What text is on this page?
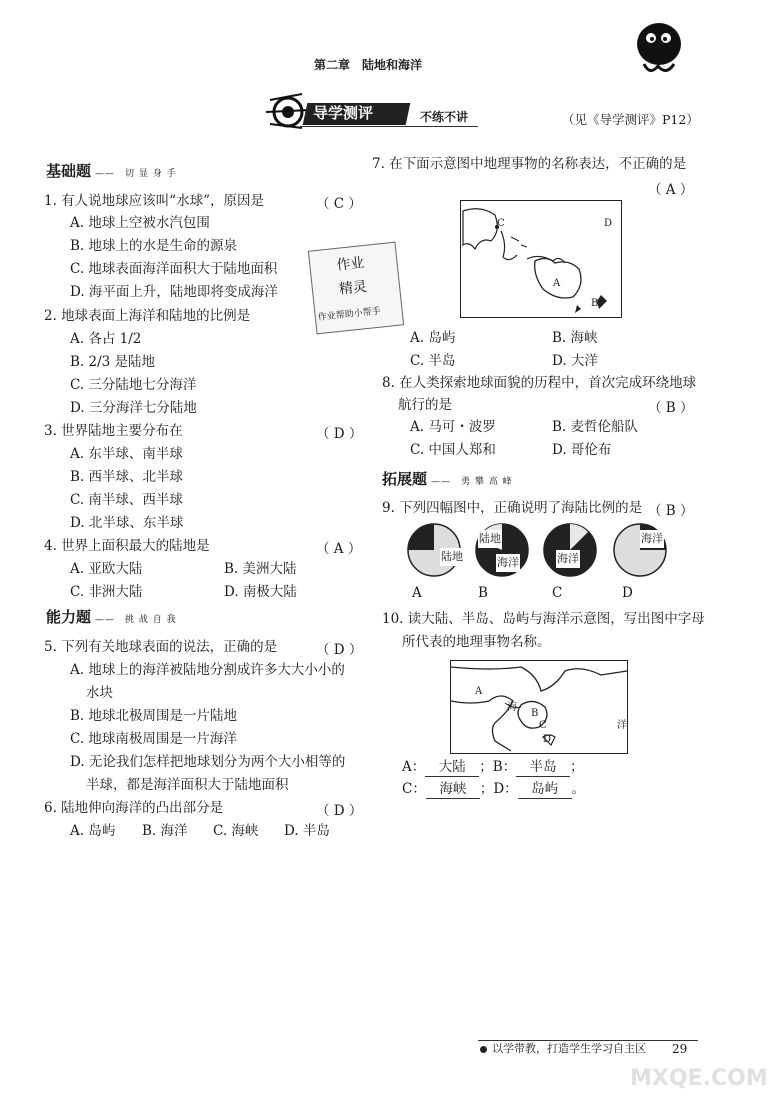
第二章　陆地和海洋
导学测评	不练不讲	（见《导学测评》P12）
基础题 ——　切 显 身 手
1. 有人说地球应该叫“水球”，原因是	（ C ）
A. 地球上空被水汽包围
B. 地球上的水是生命的源泉
C. 地球表面海洋面积大于陆地面积
D. 海平面上升，陆地即将变成海洋
2. 地球表面上海洋和陆地的比例是
A. 各占 1/2
B. 2/3 是陆地
C. 三分陆地七分海洋
D. 三分海洋七分陆地
3. 世界陆地主要分布在	（ D ）
A. 东半球、南半球
B. 西半球、北半球
C. 南半球、西半球
D. 北半球、东半球
4. 世界上面积最大的陆地是	（ A ）
A. 亚欧大陆	B. 美洲大陆
C. 非洲大陆	D. 南极大陆
能力题 ——　挑 战 自 我
5. 下列有关地球表面的说法，正确的是	（ D ）
A. 地球上的海洋被陆地分割成许多大大小小的
水块
B. 地球北极周围是一片陆地
C. 地球南极周围是一片海洋
D. 无论我们怎样把地球划分为两个大小相等的
半球，都是海洋面积大于陆地面积
6. 陆地伸向海洋的凸出部分是	（ D ）
A. 岛屿 B. 海洋 C. 海峡 D. 半岛
作业
精灵
作业帮助小帮手
7. 在下面示意图中地理事物的名称表达，不正确的是
（ A ）
D
A
B
C
A. 岛屿	B. 海峡
C. 半岛	D. 大洋
8. 在人类探索地球面貌的历程中，首次完成环绕地球
航行的是	（ B ）
A. 马可・波罗	B. 麦哲伦船队
C. 中国人郑和	D. 哥伦布
拓展题 ——　勇 攀 高 峰
9. 下列四幅图中，正确说明了海陆比例的是 （ B ）
陆地
陆地
海洋	海洋
海洋
A	B	C	D
10. 读大陆、半岛、岛屿与海洋示意图，写出图中字母
所代表的地理事物名称。
A
海
B
C
D
洋
A： 大陆 ；B： 半岛 ；
C： 海峡 ；D： 岛屿 。
以学带教，打造学生学习自主区 29
MXQE.COM
